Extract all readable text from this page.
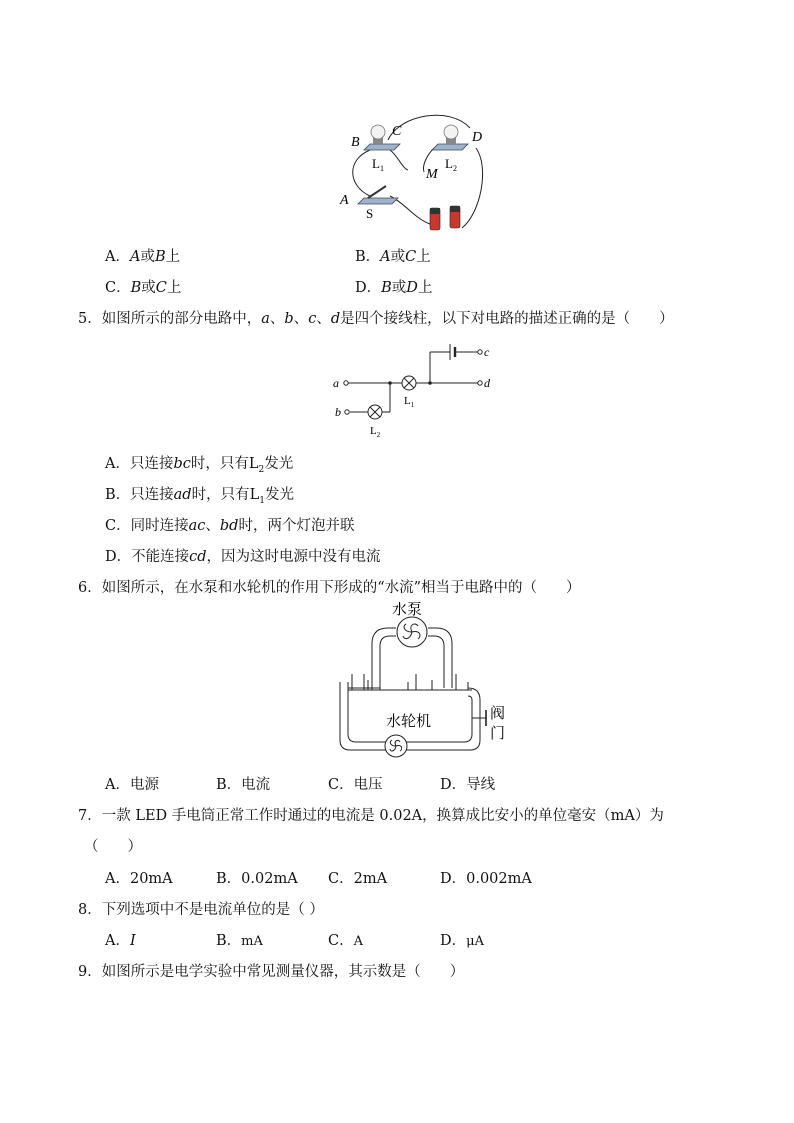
B
C	D
$L_1$	$L_2$
M
A
S
A．A或B上	B．A或C上
C．B或C上	D．B或D上
5．如图所示的部分电路中，a、b、c、d是四个接线柱，以下对电路的描述正确的是（　　）
a
b
c
d
$L_1$
$L_2$
A．只连接bc时，只有$L_2$发光
B．只连接ad时，只有$L_1$发光
C．同时连接ac、bd时，两个灯泡并联
D．不能连接cd，因为这时电源中没有电流
6．如图所示，在水泵和水轮机的作用下形成的“水流”相当于电路中的（　　）
水泵
水轮机	阀
门
A．电源	B．电流	C．电压	D．导线
7．一款 LED 手电筒正常工作时通过的电流是 0.02A，换算成比安小的单位毫安（mA）为
（　　）
A．20mA	B．0.02mA C．2mA	D．0.002mA
8．下列选项中不是电流单位的是（ ）
A．I	B．mA	C．A	D．μA
9．如图所示是电学实验中常见测量仪器，其示数是（　　）
